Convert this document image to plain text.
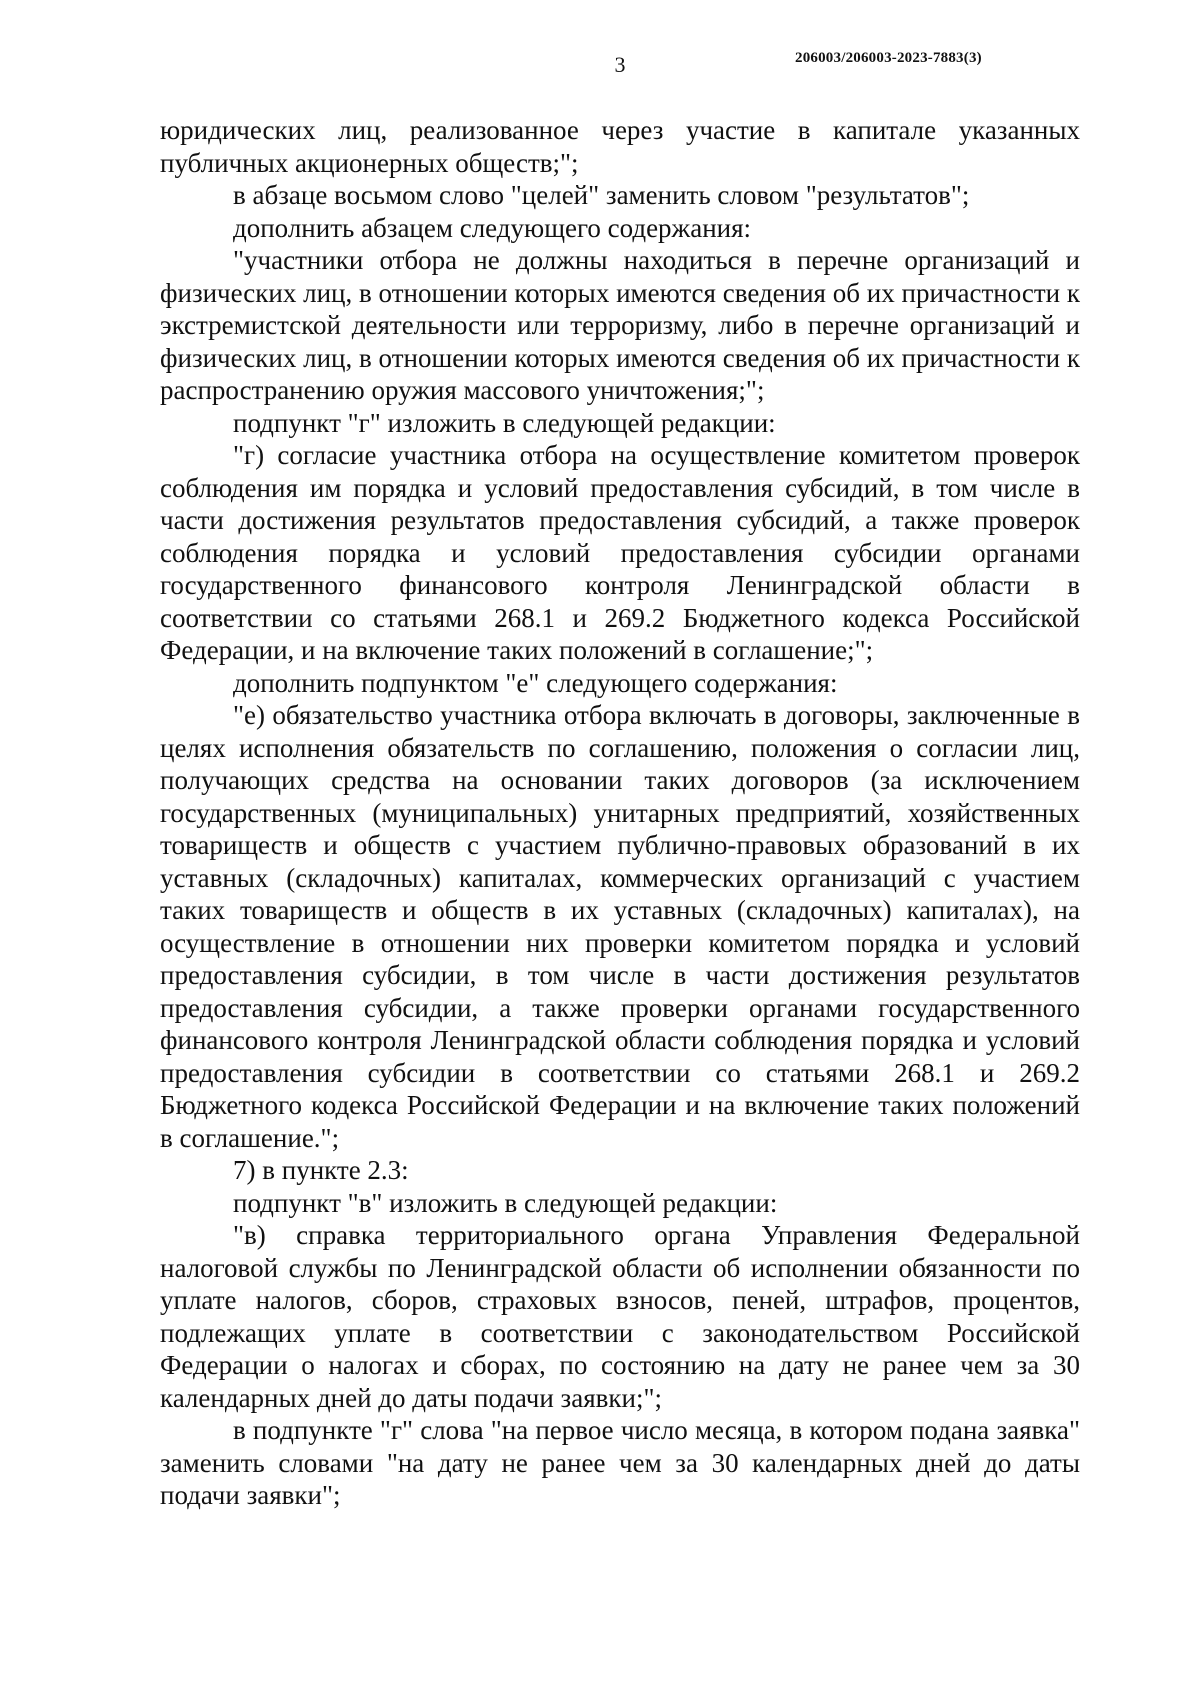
3	206003/206003-2023-7883(3)

юридических лиц, реализованное через участие в капитале указанных публичных акционерных обществ;";

в абзаце восьмом слово "целей" заменить словом "результатов";

дополнить абзацем следующего содержания:

"участники отбора не должны находиться в перечне организаций и физических лиц, в отношении которых имеются сведения об их причастности к экстремистской деятельности или терроризму, либо в перечне организаций и физических лиц, в отношении которых имеются сведения об их причастности к распространению оружия массового уничтожения;";

подпункт "г" изложить в следующей редакции:

"г) согласие участника отбора на осуществление комитетом проверок соблюдения им порядка и условий предоставления субсидий, в том числе в части достижения результатов предоставления субсидий, а также проверок соблюдения порядка и условий предоставления субсидии органами государственного финансового контроля Ленинградской области в соответствии со статьями 268.1 и 269.2 Бюджетного кодекса Российской Федерации, и на включение таких положений в соглашение;";

дополнить подпунктом "е" следующего содержания:

"е) обязательство участника отбора включать в договоры, заключенные в целях исполнения обязательств по соглашению, положения о согласии лиц, получающих средства на основании таких договоров (за исключением государственных (муниципальных) унитарных предприятий, хозяйственных товариществ и обществ с участием публично-правовых образований в их уставных (складочных) капиталах, коммерческих организаций с участием таких товариществ и обществ в их уставных (складочных) капиталах), на осуществление в отношении них проверки комитетом порядка и условий предоставления субсидии, в том числе в части достижения результатов предоставления субсидии, а также проверки органами государственного финансового контроля Ленинградской области соблюдения порядка и условий предоставления субсидии в соответствии со статьями 268.1 и 269.2 Бюджетного кодекса Российской Федерации и на включение таких положений в соглашение.";

7) в пункте 2.3:

подпункт "в" изложить в следующей редакции:

"в) справка территориального органа Управления Федеральной налоговой службы по Ленинградской области об исполнении обязанности по уплате налогов, сборов, страховых взносов, пеней, штрафов, процентов, подлежащих уплате в соответствии с законодательством Российской Федерации о налогах и сборах, по состоянию на дату не ранее чем за 30 календарных дней до даты подачи заявки;";

в подпункте "г" слова "на первое число месяца, в котором подана заявка" заменить словами "на дату не ранее чем за 30 календарных дней до даты подачи заявки";
